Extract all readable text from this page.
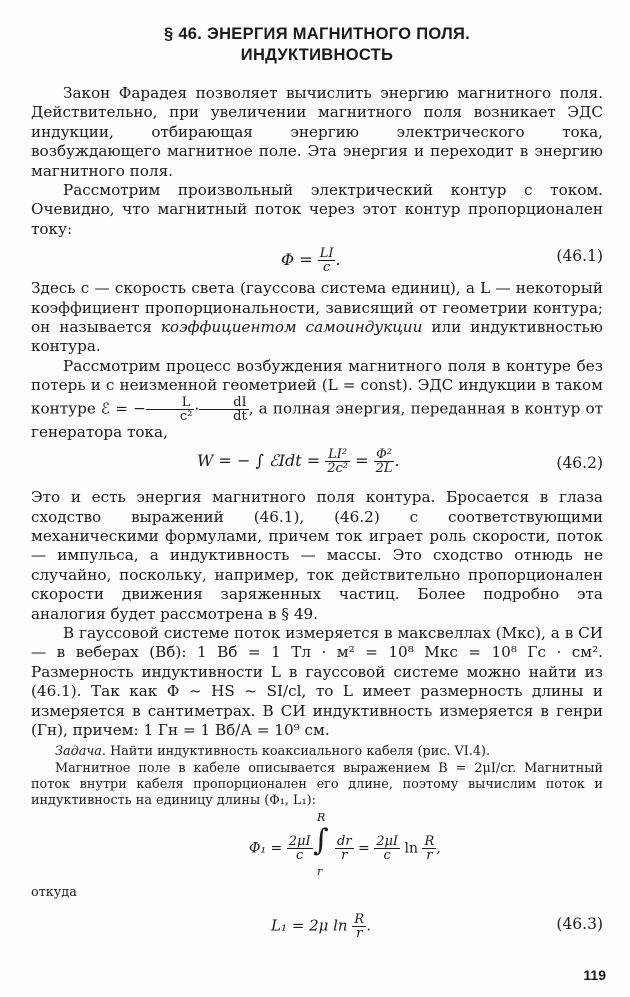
§ 46. ЭНЕРГИЯ МАГНИТНОГО ПОЛЯ.
ИНДУКТИВНОСТЬ

Закон Фарадея позволяет вычислить энергию магнитного поля. Действительно, при увеличении магнитного поля возникает ЭДС индукции, отбирающая энергию электрического тока, возбуждающего магнитное поле. Эта энергия и переходит в энергию магнитного поля.

Рассмотрим произвольный электрический контур с током. Очевидно, что магнитный поток через этот контур пропорционален току:

$\Phi = \frac{LI}{c}$ .	(46.1)

Здесь c — скорость света (гауссова система единиц), а L — некоторый коэффициент пропорциональности, зависящий от геометрии контура; он называется коэффициентом самоиндукции или индуктивностью контура.

Рассмотрим процесс возбуждения магнитного поля в контуре без потерь и с неизменной геометрией (L = const). ЭДС индукции в таком контуре ℰ = − $\frac{L}{\text{c²}} \cdot \frac{dI}{dt}$ , а полная энергия, переданная в контур от генератора тока,

W = − ∫ ℰIdt = $\frac{\text{LI²}}{\text{2c²}} = \frac{\text{Φ²}}{2L}$ .	(46.2)

Это и есть энергия магнитного поля контура. Бросается в глаза сходство выражений (46.1), (46.2) с соответствующими механическими формулами, причем ток играет роль скорости, поток — импульса, а индуктивность — массы. Это сходство отнюдь не случайно, поскольку, например, ток действительно пропорционален скорости движения заряженных частиц. Более подробно эта аналогия будет рассмотрена в § 49.

В гауссовой системе поток измеряется в максвеллах (Мкс), а в СИ — в веберах (Вб): 1 Вб = 1 Тл · м² = 10⁸ Мкс = 10⁸ Гс · см². Размерность индуктивности L в гауссовой системе можно найти из (46.1). Так как Φ ~ HS ~ SI/cl, то L имеет размерность длины и измеряется в сантиметрах. В СИ индуктивность измеряется в генри (Гн), причем: 1 Гн = 1 Вб/А = 10⁹ см.

Задача. Найти индуктивность коаксиального кабеля (рис. VI.4).

Магнитное поле в кабеле описывается выражением B = 2μI/cr. Магнитный поток внутри кабеля пропорционален его длине, поэтому вычислим поток и индуктивность на единицу длины (Φ₁, L₁):

$\Phi_1 = \frac{2\mu I}{c}$
R
∫
r
$\frac{dr}{r} = \frac{2\mu I}{c}$ $\ln \frac{R}{r}$ ,
откуда
L₁ = 2μ $\ln \frac{R}{r}$ .	(46.3)
119
